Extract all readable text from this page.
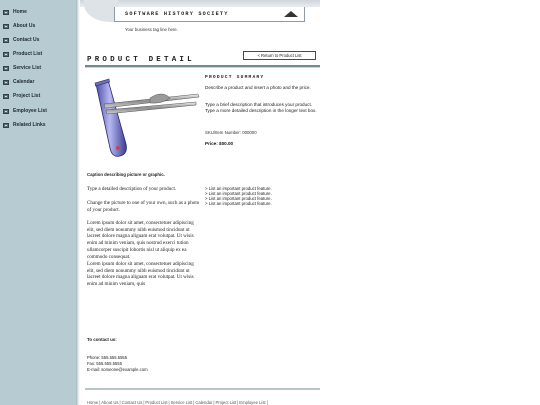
Home
About Us
Contact Us
Product List
Service List
Calendar
Project List
Employee List
Related Links
SOFTWARE HISTORY SOCIETY
Your business tag line here.
PRODUCT DETAIL
< Return to Product List
Caption describing picture or graphic.
PRODUCT SUMMARY
Describe a product and insert a photo and the price.
Type a brief description that introduces your product. Type a more detailed description in the longer text box.
SKU/Item Number: 000000
Price: $00.00
Type a detailed description of your product.
Change the picture to one of your own, such as a photo of your product.
Lorem ipsum dolor sit amet, consectetuer adipiscing elit, sed diem nonummy nibh euismod tincidunt ut lacreet dolore magna aliguam erat volutpat. Ut wisis enim ad minim veniam, quis nostrud exerci tution ullamcorper suscipit lobortis nisl ut aliquip ex ea commodo consequat.
Lorem ipsum dolor sit amet, consectetuer adipiscing elit, sed diem nonummy nibh euismod tincidunt ut lacreet dolore magna aliguam erat volutpat. Ut wisis enim ad minim veniam, quis
> List an important product feature.
> List an important product feature.
> List an important product feature.
> List an important product feature.
To contact us:
Phone: 555.555.5555
Fax: 555.555.5555
E-mail: someone@example.com
Home | About Us | Contact Us | Product List | Service List | Calendar | Project List | Employee List |
